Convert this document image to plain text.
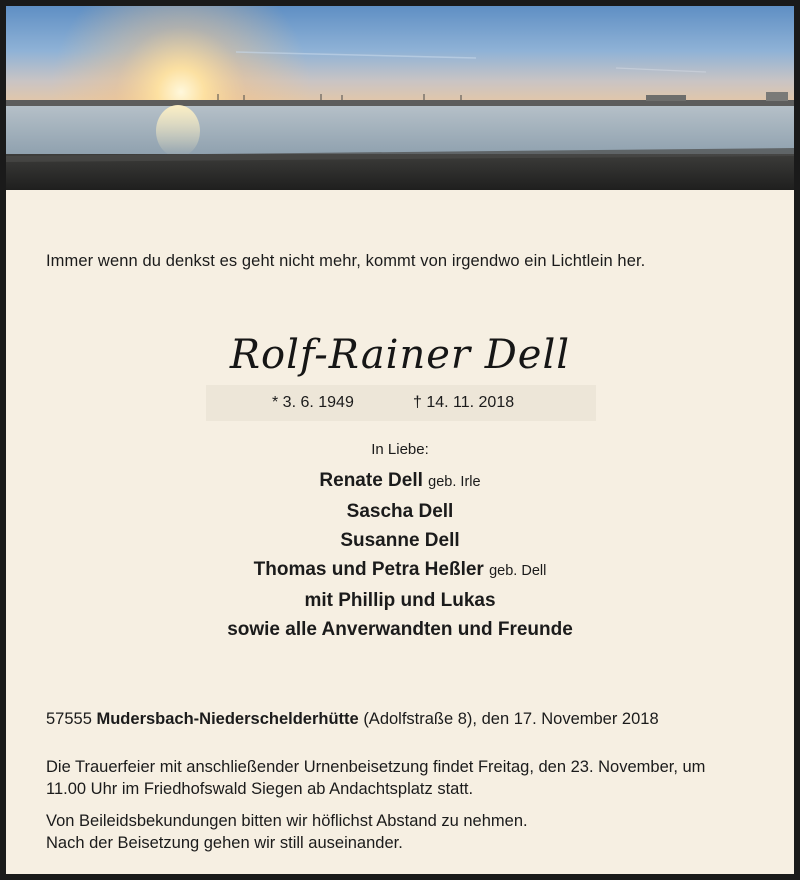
Immer wenn du denkst es geht nicht mehr, kommt von irgendwo ein Lichtlein her.
Rolf-Rainer Dell
* 3. 6. 1949	† 14. 11. 2018
In Liebe:
Renate Dell geb. Irle
Sascha Dell
Susanne Dell
Thomas und Petra Heßler geb. Dell
mit Phillip und Lukas
sowie alle Anverwandten und Freunde
57555 Mudersbach-Niederschelderhütte (Adolfstraße 8), den 17. November 2018
Die Trauerfeier mit anschließender Urnenbeisetzung findet Freitag, den 23. November, um 11.00 Uhr im Friedhofswald Siegen ab Andachtsplatz statt.
Von Beileidsbekundungen bitten wir höflichst Abstand zu nehmen.
Nach der Beisetzung gehen wir still auseinander.
